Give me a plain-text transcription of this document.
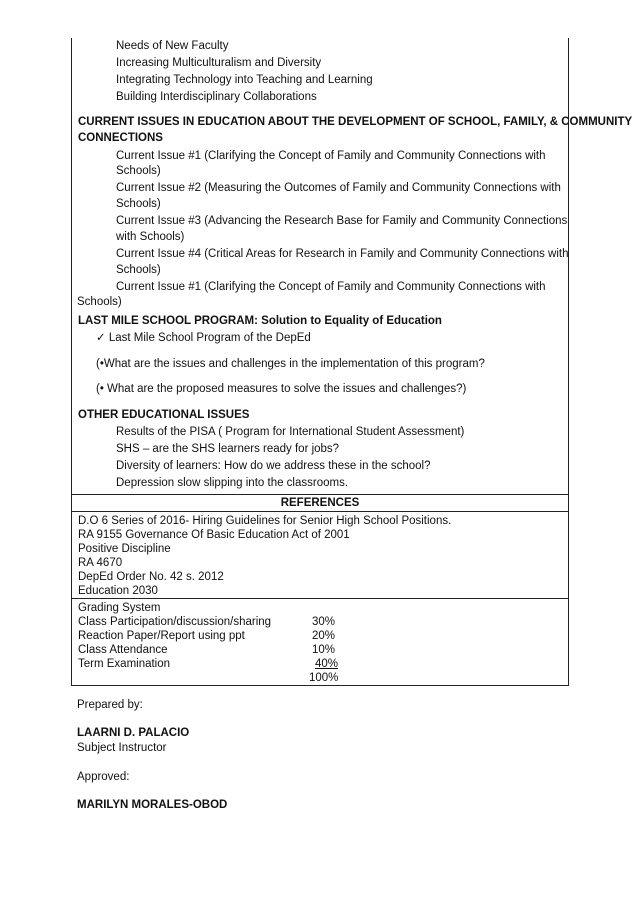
Needs of New Faculty
Increasing Multiculturalism and Diversity
Integrating Technology into Teaching and Learning
Building Interdisciplinary Collaborations
CURRENT ISSUES IN EDUCATION ABOUT THE DEVELOPMENT OF SCHOOL, FAMILY, & COMMUNITY
CONNECTIONS
Current Issue #1 (Clarifying the Concept of Family and Community Connections with
Schools)
Current Issue #2 (Measuring the Outcomes of Family and Community Connections with
Schools)
Current Issue #3 (Advancing the Research Base for Family and Community Connections
with Schools)
Current Issue #4 (Critical Areas for Research in Family and Community Connections with
Schools)
Current Issue #1 (Clarifying the Concept of Family and Community Connections with
LAST MILE SCHOOL PROGRAM: Solution to Equality of Education
✓ Last Mile School Program of the DepEd
(•What are the issues and challenges in the implementation of this program?
(• What are the proposed measures to solve the issues and challenges?)
OTHER EDUCATIONAL ISSUES
Results of the PISA ( Program for International Student Assessment)
SHS – are the SHS learners ready for jobs?
Diversity of learners: How do we address these in the school?
Depression slow slipping into the classrooms.
REFERENCES
D.O 6 Series of 2016- Hiring Guidelines for Senior High School Positions.
RA 9155 Governance Of Basic Education Act of 2001
Positive Discipline
RA 4670
DepEd Order No. 42 s. 2012
Education 2030
Grading System
Class Participation/discussion/sharing	30%
Reaction Paper/Report using ppt	20%
Class Attendance	10%
Term Examination	40%
100%
Schools)
Prepared by:
LAARNI D. PALACIO
Subject Instructor
Approved:
MARILYN MORALES-OBOD
